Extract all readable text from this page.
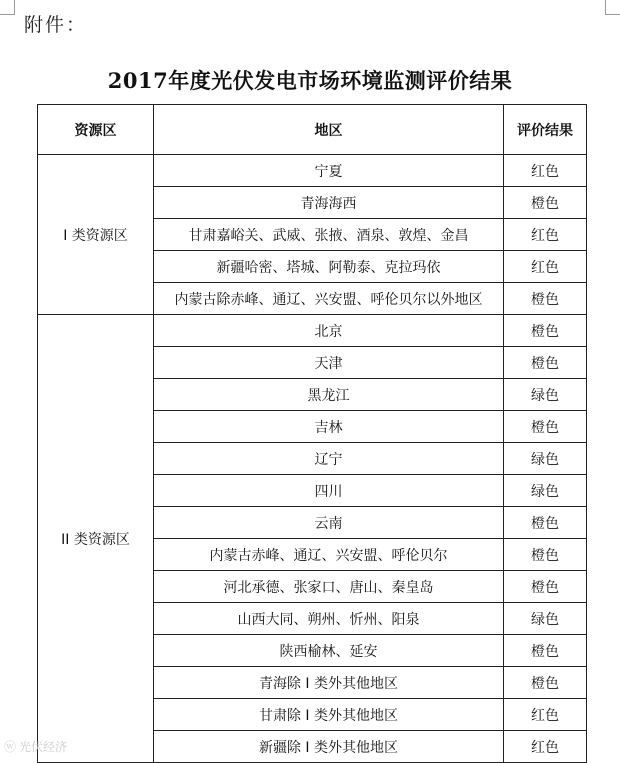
附件：
2017年度光伏发电市场环境监测评价结果
资源区	地区	评价结果
I 类资源区	宁夏	红色
	青海海西	橙色
	甘肃嘉峪关、武威、张掖、酒泉、敦煌、金昌	红色
	新疆哈密、塔城、阿勒泰、克拉玛依	红色
	内蒙古除赤峰、通辽、兴安盟、呼伦贝尔以外地区	橙色
II 类资源区	北京	橙色
	天津	橙色
	黑龙江	绿色
	吉林	橙色
	辽宁	绿色
	四川	绿色
	云南	橙色
	内蒙古赤峰、通辽、兴安盟、呼伦贝尔	橙色
	河北承德、张家口、唐山、秦皇岛	橙色
	山西大同、朔州、忻州、阳泉	绿色
	陕西榆林、延安	橙色
	青海除 I 类外其他地区	橙色
	甘肃除 I 类外其他地区	红色
	新疆除 I 类外其他地区	红色
ⓦ 光伏经济
